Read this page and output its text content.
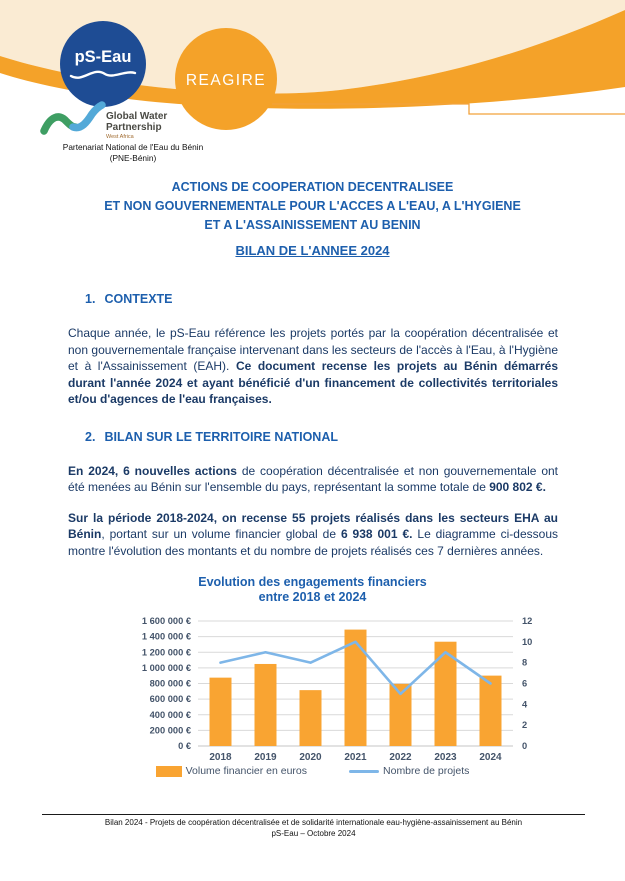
REAGIRE
pS-Eau
Global Water
Partnership
West Africa
Partenariat National de l'Eau du Bénin
(PNE-Bénin)
ACTIONS DE COOPERATION DECENTRALISEE
ET NON GOUVERNEMENTALE POUR L'ACCES A L'EAU, A L'HYGIENE
ET A L'ASSAINISSEMENT AU BENIN
BILAN DE L'ANNEE 2024
1. CONTEXTE
Chaque année, le pS-Eau référence les projets portés par la coopération décentralisée et non gouvernementale française intervenant dans les secteurs de l'accès à l'Eau, à l'Hygiène et à l'Assainissement (EAH). Ce document recense les projets au Bénin démarrés durant l'année 2024 et ayant bénéficié d'un financement de collectivités territoriales et/ou d'agences de l'eau françaises.
2. BILAN SUR LE TERRITOIRE NATIONAL
En 2024, 6 nouvelles actions de coopération décentralisée et non gouvernementale ont été menées au Bénin sur l'ensemble du pays, représentant la somme totale de 900 802 €.
Sur la période 2018-2024, on recense 55 projets réalisés dans les secteurs EHA au Bénin, portant sur un volume financier global de 6 938 001 €. Le diagramme ci-dessous montre l'évolution des montants et du nombre de projets réalisés ces 7 dernières années.
Evolution des engagements financiers
entre 2018 et 2024
0 €
200 000 €
400 000 €
600 000 €
800 000 €
1 000 000 €
1 200 000 €
1 400 000 €
1 600 000 €
0
2
4
6
8
10
12
2018 2019 2020 2021 2022 2023 2024
Volume financier en euros	Nombre de projets
Bilan 2024 - Projets de coopération décentralisée et de solidarité internationale eau-hygiène-assainissement au Bénin
pS-Eau – Octobre 2024
